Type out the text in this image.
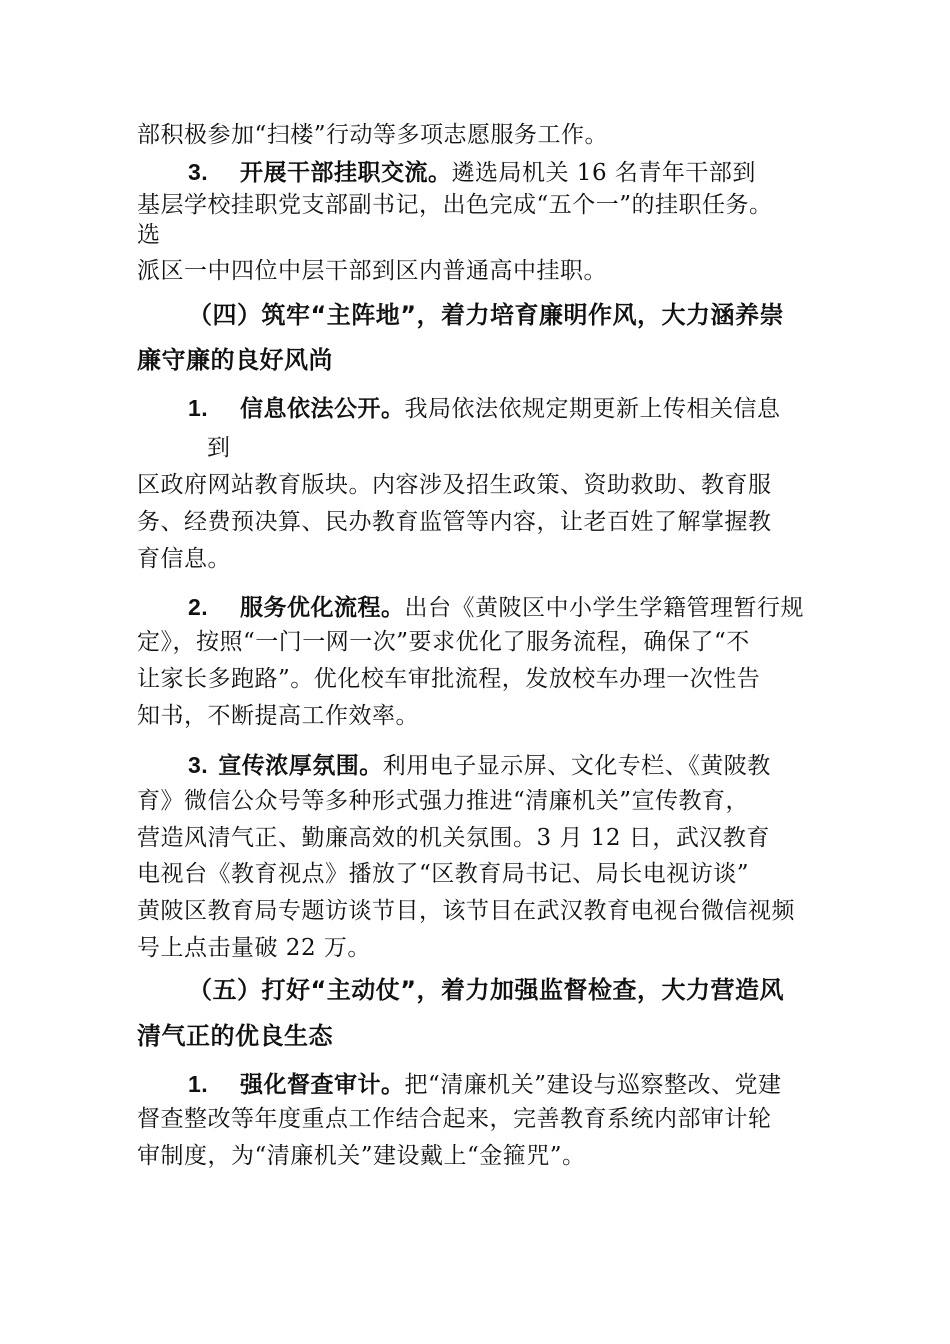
部积极参加“扫楼”行动等多项志愿服务工作。
3. 开展干部挂职交流。遴选局机关 16 名青年干部到
基层学校挂职党支部副书记，出色完成“五个一”的挂职任务。
选
派区一中四位中层干部到区内普通高中挂职。
（四）筑牢“主阵地”，着力培育廉明作风，大力涵养崇
廉守廉的良好风尚
1. 信息依法公开。我局依法依规定期更新上传相关信息
到
区政府网站教育版块。内容涉及招生政策、资助救助、教育服
务、经费预决算、民办教育监管等内容，让老百姓了解掌握教
育信息。
2. 服务优化流程。出台《黄陂区中小学生学籍管理暂行规
定》，按照“一门一网一次”要求优化了服务流程，确保了“不
让家长多跑路”。优化校车审批流程，发放校车办理一次性告
知书，不断提高工作效率。
3. 宣传浓厚氛围。利用电子显示屏、文化专栏、《黄陂教
育》微信公众号等多种形式强力推进“清廉机关”宣传教育，
营造风清气正、勤廉高效的机关氛围。3 月 12 日，武汉教育
电视台《教育视点》播放了“区教育局书记、局长电视访谈”
黄陂区教育局专题访谈节目，该节目在武汉教育电视台微信视频
号上点击量破 22 万。
（五）打好“主动仗”，着力加强监督检查，大力营造风
清气正的优良生态
1. 强化督查审计。把“清廉机关”建设与巡察整改、党建
督查整改等年度重点工作结合起来，完善教育系统内部审计轮
审制度，为“清廉机关”建设戴上“金箍咒”。
